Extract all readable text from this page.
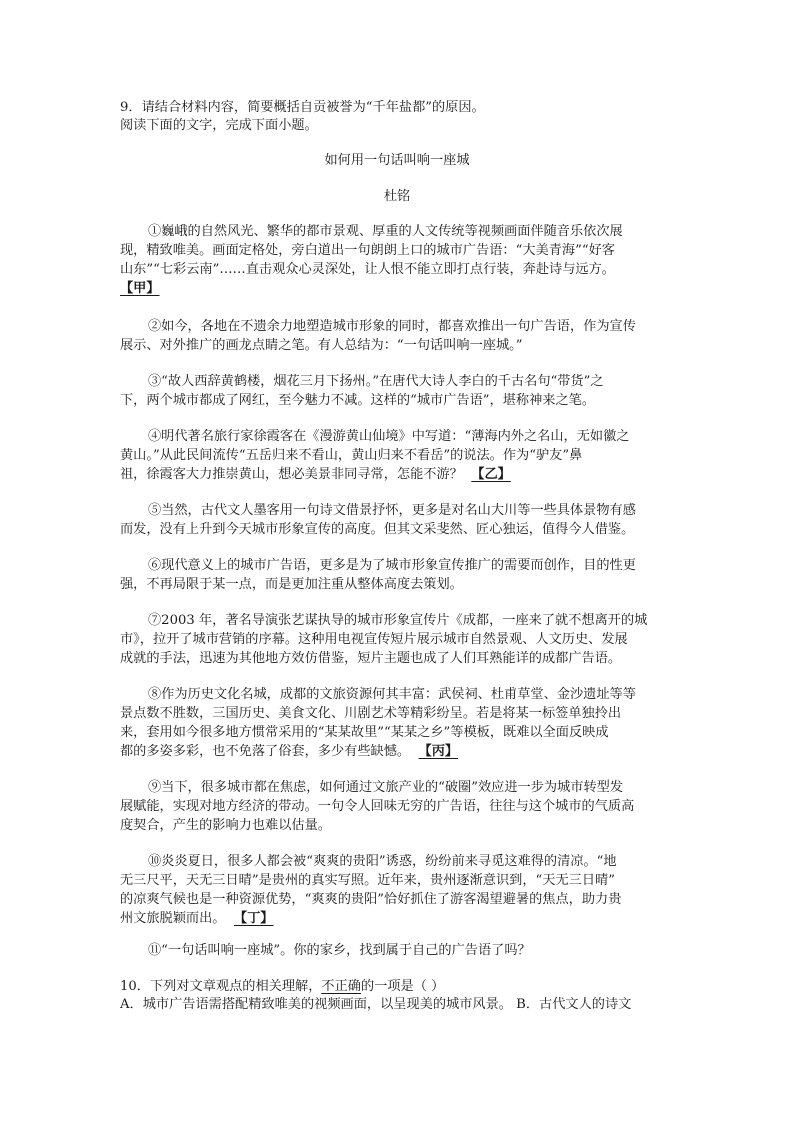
9．请结合材料内容，简要概括自贡被誉为“千年盐都”的原因。
阅读下面的文字，完成下面小题。
如何用一句话叫响一座城
杜铭
①巍峨的自然风光、繁华的都市景观、厚重的人文传统等视频画面伴随音乐依次展
现，精致唯美。画面定格处，旁白道出一句朗朗上口的城市广告语：“大美青海”“好客
山东”“七彩云南”……直击观众心灵深处，让人恨不能立即打点行装，奔赴诗与远方。
【甲】
②如今，各地在不遗余力地塑造城市形象的同时，都喜欢推出一句广告语，作为宣传
展示、对外推广的画龙点睛之笔。有人总结为：“一句话叫响一座城。”
③“故人西辞黄鹤楼，烟花三月下扬州。”在唐代大诗人李白的千古名句“带货”之
下，两个城市都成了网红，至今魅力不减。这样的“城市广告语”，堪称神来之笔。
④明代著名旅行家徐霞客在《漫游黄山仙境》中写道：“薄海内外之名山，无如徽之
黄山。”从此民间流传“五岳归来不看山，黄山归来不看岳”的说法。作为“驴友”鼻
祖，徐霞客大力推崇黄山，想必美景非同寻常，怎能不游？ 【乙】
⑤当然，古代文人墨客用一句诗文借景抒怀，更多是对名山大川等一些具体景物有感
而发，没有上升到今天城市形象宣传的高度。但其文采斐然、匠心独运，值得今人借鉴。
⑥现代意义上的城市广告语，更多是为了城市形象宣传推广的需要而创作，目的性更
强，不再局限于某一点，而是更加注重从整体高度去策划。
⑦2003 年，著名导演张艺谋执导的城市形象宣传片《成都，一座来了就不想离开的城
市》，拉开了城市营销的序幕。这种用电视宣传短片展示城市自然景观、人文历史、发展
成就的手法，迅速为其他地方效仿借鉴，短片主题也成了人们耳熟能详的成都广告语。
⑧作为历史文化名城，成都的文旅资源何其丰富：武侯祠、杜甫草堂、金沙遗址等等
景点数不胜数，三国历史、美食文化、川剧艺术等精彩纷呈。若是将某一标签单独拎出
来，套用如今很多地方惯常采用的“某某故里”“某某之乡”等模板，既难以全面反映成
都的多姿多彩，也不免落了俗套，多少有些缺憾。 【丙】
⑨当下，很多城市都在焦虑，如何通过文旅产业的“破圈”效应进一步为城市转型发
展赋能，实现对地方经济的带动。一句令人回味无穷的广告语，往往与这个城市的气质高
度契合，产生的影响力也难以估量。
⑩炎炎夏日，很多人都会被“爽爽的贵阳”诱惑，纷纷前来寻觅这难得的清凉。“地
无三尺平，天无三日晴”是贵州的真实写照。近年来，贵州逐渐意识到，“天无三日晴”
的凉爽气候也是一种资源优势，“爽爽的贵阳”恰好抓住了游客渴望避暑的焦点，助力贵
州文旅脱颖而出。 【丁】
⑪“一句话叫响一座城”。你的家乡，找到属于自己的广告语了吗？
10．下列对文章观点的相关理解，不正确的一项是（ ）
A．城市广告语需搭配精致唯美的视频画面，以呈现美的城市风景。 B．古代文人的诗文
